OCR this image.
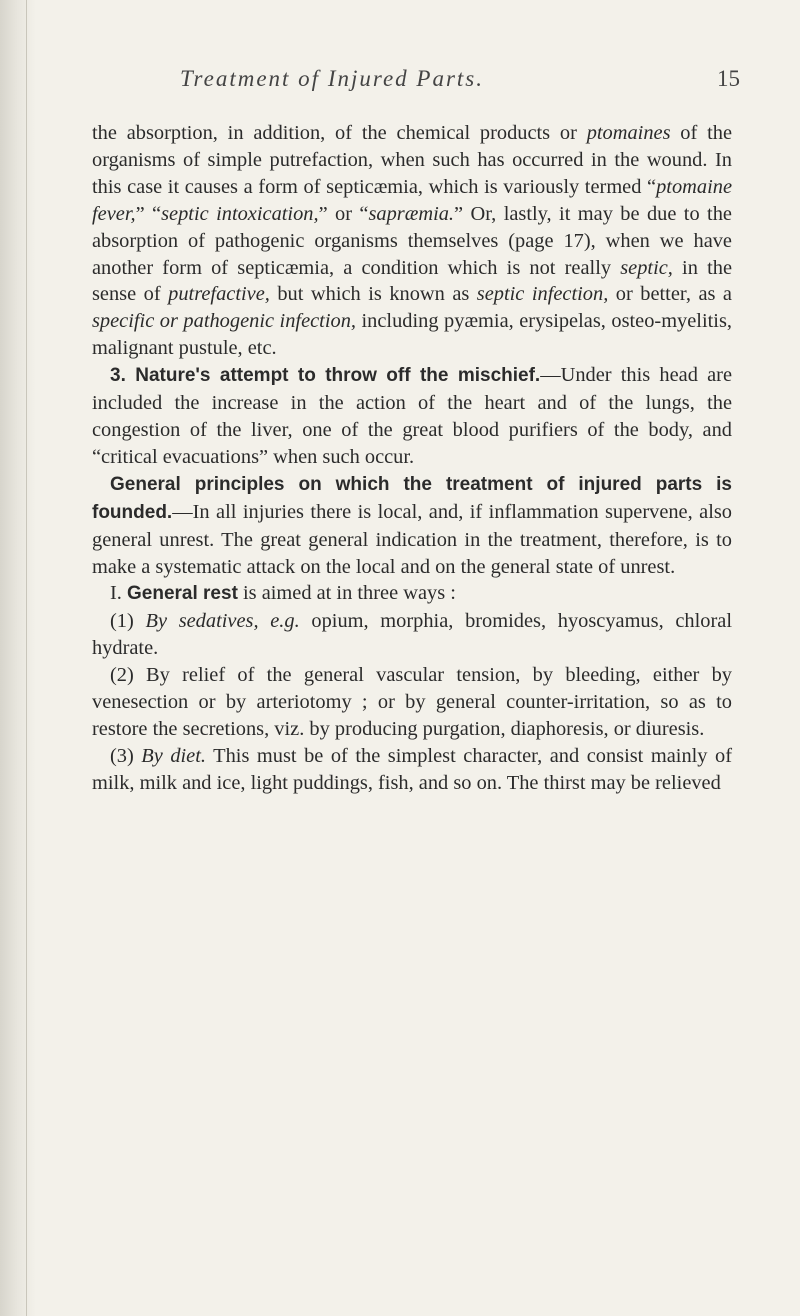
Treatment of Injured Parts.	15

the absorption, in addition, of the chemical products or ptomaines of the organisms of simple putrefaction, when such has occurred in the wound. In this case it causes a form of septicæmia, which is variously termed “ptomaine fever,” “septic intoxication,” or “sapræmia.” Or, lastly, it may be due to the absorption of pathogenic organisms themselves (page 17), when we have another form of septicæmia, a condition which is not really septic, in the sense of putrefactive, but which is known as septic infection, or better, as a specific or pathogenic infection, including pyæmia, erysipelas, osteo-myelitis, malignant pustule, etc.

3. Nature's attempt to throw off the mischief.—Under this head are included the increase in the action of the heart and of the lungs, the congestion of the liver, one of the great blood purifiers of the body, and “critical evacuations” when such occur.

General principles on which the treatment of injured parts is founded.—In all injuries there is local, and, if inflammation supervene, also general unrest. The great general indication in the treatment, therefore, is to make a systematic attack on the local and on the general state of unrest.

I. General rest is aimed at in three ways :

(1) By sedatives, e.g. opium, morphia, bromides, hyoscyamus, chloral hydrate.

(2) By relief of the general vascular tension, by bleeding, either by venesection or by arteriotomy ; or by general counter-irritation, so as to restore the secretions, viz. by producing purgation, diaphoresis, or diuresis.

(3) By diet. This must be of the simplest character, and consist mainly of milk, milk and ice, light puddings, fish, and so on. The thirst may be relieved
